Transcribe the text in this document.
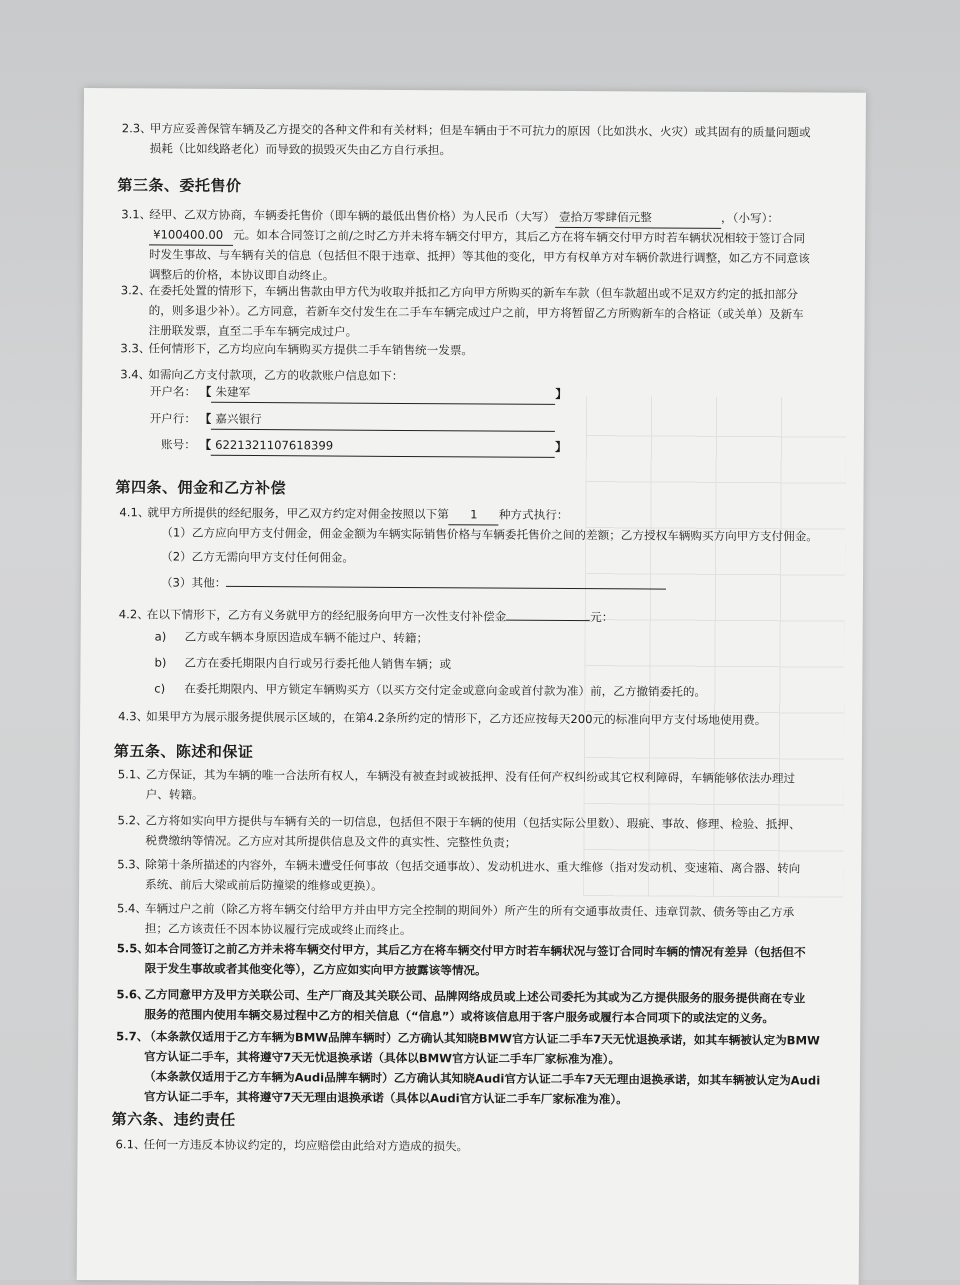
2.3、
甲方应妥善保管车辆及乙方提交的各种文件和有关材料；但是车辆由于不可抗力的原因（比如洪水、火灾）或其固有的质量问题或
损耗（比如线路老化）而导致的损毁灭失由乙方自行承担。
第三条、委托售价
3.1、
经甲、乙双方协商，车辆委托售价（即车辆的最低出售价格）为人民币（大写） 壹拾万零肆佰元整	，（小写）：
¥100400.00 元。如本合同签订之前/之时乙方并未将车辆交付甲方，其后乙方在将车辆交付甲方时若车辆状况相较于签订合同
时发生事故、与车辆有关的信息（包括但不限于违章、抵押）等其他的变化，甲方有权单方对车辆价款进行调整，如乙方不同意该
调整后的价格，本协议即自动终止。
3.2、
在委托处置的情形下，车辆出售款由甲方代为收取并抵扣乙方向甲方所购买的新车车款（但车款超出或不足双方约定的抵扣部分
的，则多退少补）。乙方同意，若新车交付发生在二手车车辆完成过户之前，甲方将暂留乙方所购新车的合格证（或关单）及新车
注册联发票，直至二手车车辆完成过户。
3.3、
任何情形下，乙方均应向车辆购买方提供二手车销售统一发票。
3.4、
如需向乙方支付款项，乙方的收款账户信息如下：
开户名： 【 朱建军	】
开户行： 【 嘉兴银行
账号： 【 6221321107618399	】
第四条、佣金和乙方补偿
4.1、
就甲方所提供的经纪服务，甲乙双方约定对佣金按照以下第 1 种方式执行：
（1）乙方应向甲方支付佣金，佣金金额为车辆实际销售价格与车辆委托售价之间的差额；乙方授权车辆购买方向甲方支付佣金。
（2）乙方无需向甲方支付任何佣金。
（3）其他：
4.2、
在以下情形下，乙方有义务就甲方的经纪服务向甲方一次性支付补偿金	元：
a) 乙方或车辆本身原因造成车辆不能过户、转籍；
b) 乙方在委托期限内自行或另行委托他人销售车辆；或
c) 在委托期限内、甲方锁定车辆购买方（以买方交付定金或意向金或首付款为准）前，乙方撤销委托的。
4.3、
如果甲方为展示服务提供展示区域的，在第4.2条所约定的情形下，乙方还应按每天200元的标准向甲方支付场地使用费。
第五条、陈述和保证
5.1、
乙方保证，其为车辆的唯一合法所有权人，车辆没有被查封或被抵押、没有任何产权纠纷或其它权利障碍，车辆能够依法办理过
户、转籍。
5.2、
乙方将如实向甲方提供与车辆有关的一切信息，包括但不限于车辆的使用（包括实际公里数）、瑕疵、事故、修理、检验、抵押、
税费缴纳等情况。乙方应对其所提供信息及文件的真实性、完整性负责；
5.3、
除第十条所描述的内容外，车辆未遭受任何事故（包括交通事故）、发动机进水、重大维修（指对发动机、变速箱、离合器、转向
系统、前后大梁或前后防撞梁的维修或更换）。
5.4、
车辆过户之前（除乙方将车辆交付给甲方并由甲方完全控制的期间外）所产生的所有交通事故责任、违章罚款、债务等由乙方承
担；乙方该责任不因本协议履行完成或终止而终止。
5.5、
如本合同签订之前乙方并未将车辆交付甲方，其后乙方在将车辆交付甲方时若车辆状况与签订合同时车辆的情况有差异（包括但不
限于发生事故或者其他变化等），乙方应如实向甲方披露该等情况。
5.6、
乙方同意甲方及甲方关联公司、生产厂商及其关联公司、品牌网络成员或上述公司委托为其或为乙方提供服务的服务提供商在专业
服务的范围内使用车辆交易过程中乙方的相关信息（“信息”）或将该信息用于客户服务或履行本合同项下的或法定的义务。
5.7、
（本条款仅适用于乙方车辆为BMW品牌车辆时）乙方确认其知晓BMW官方认证二手车7天无忧退换承诺，如其车辆被认定为BMW
官方认证二手车，其将遵守7天无忧退换承诺（具体以BMW官方认证二手车厂家标准为准）。
（本条款仅适用于乙方车辆为Audi品牌车辆时）乙方确认其知晓Audi官方认证二手车7天无理由退换承诺，如其车辆被认定为Audi
官方认证二手车，其将遵守7天无理由退换承诺（具体以Audi官方认证二手车厂家标准为准）。
第六条、违约责任
6.1、
任何一方违反本协议约定的，均应赔偿由此给对方造成的损失。
